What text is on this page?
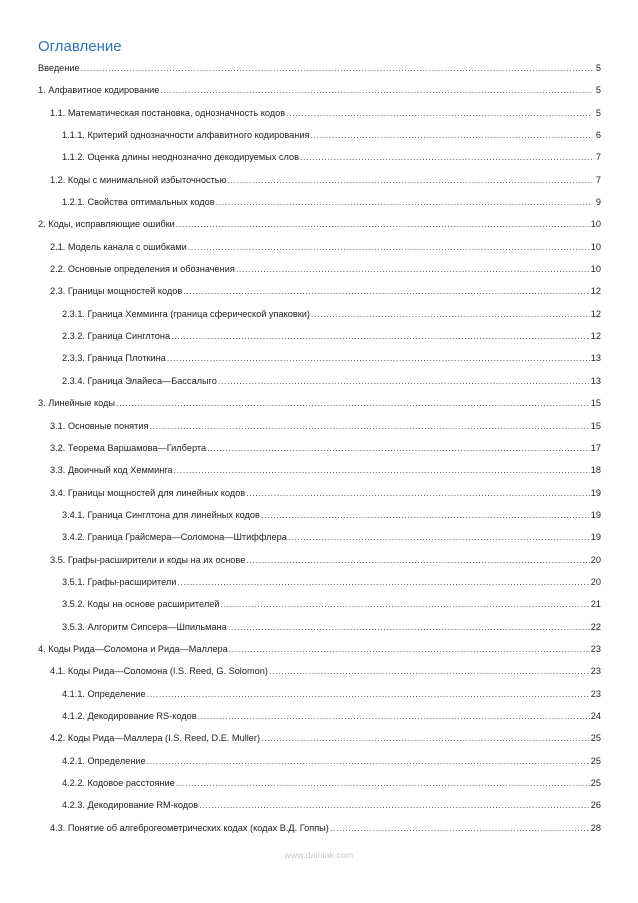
Оглавление
Введение .....	5
1. Алфавитное кодирование .....	5
1.1. Математическая постановка, однозначность кодов .....	5
1.1.1. Критерий однозначности алфавитного кодирования .....	6
1.1.2. Оценка длины неоднозначно декодируемых слов .....	7
1.2. Коды с минимальной избыточностью .....	7
1.2.1. Свойства оптимальных кодов .....	9
2. Коды, исправляющие ошибки .....	10
2.1. Модель канала с ошибками .....	10
2.2. Основные определения и обозначения .....	10
2.3. Границы мощностей кодов .....	12
2.3.1. Граница Хемминга (граница сферической упаковки) .....	12
2.3.2. Граница Синглтона .....	12
2.3.3. Граница Плоткина .....	13
2.3.4. Граница Элайеса—Бассалыго .....	13
3. Линейные коды .....	15
3.1. Основные понятия .....	15
3.2. Теорема Варшамова—Гилберта .....	17
3.3. Двоичный код Хемминга .....	18
3.4. Границы мощностей для линейных кодов .....	19
3.4.1. Граница Синглтона для линейных кодов .....	19
3.4.2. Граница Грайсмера—Соломона—Штиффлера .....	19
3.5. Графы-расширители и коды на их основе .....	20
3.5.1. Графы-расширители .....	20
3.5.2. Коды на основе расширителей .....	21
3.5.3. Алгоритм Сипсера—Шпильмана .....	22
4. Коды Рида—Соломона и Рида—Маллера .....	23
4.1. Коды Рида—Соломона (I.S. Reed, G. Solomon) .....	23
4.1.1. Определение .....	23
4.1.2. Декодирование RS-кодов .....	24
4.2. Коды Рида—Маллера (I.S. Reed, D.E. Muller) .....	25
4.2.1. Определение .....	25
4.2.2. Кодовое расстояние .....	25
4.2.3. Декодирование RM-кодов .....	26
4.3. Понятие об алгеброгеометрических кодах (кодах В.Д. Гоппы) .....	28
www.dainiak.com
